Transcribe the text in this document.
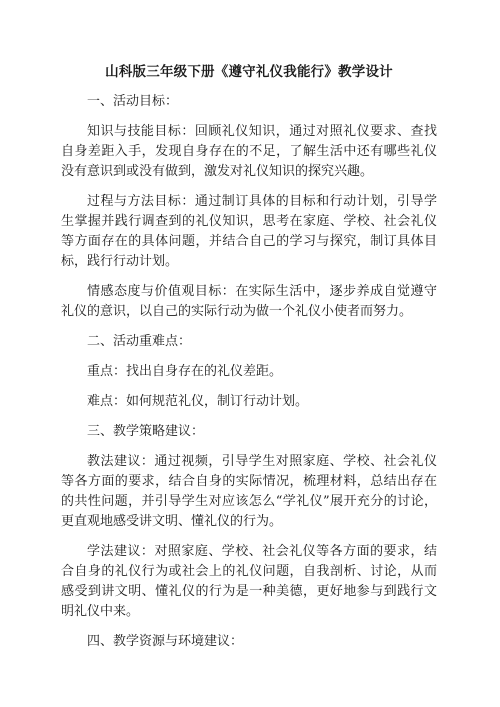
山科版三年级下册《遵守礼仪我能行》教学设计

一、活动目标：

知识与技能目标：回顾礼仪知识，通过对照礼仪要求、查找自身差距入手，发现自身存在的不足，了解生活中还有哪些礼仪没有意识到或没有做到，激发对礼仪知识的探究兴趣。

过程与方法目标：通过制订具体的目标和行动计划，引导学生掌握并践行调查到的礼仪知识，思考在家庭、学校、社会礼仪等方面存在的具体问题，并结合自己的学习与探究，制订具体目标，践行行动计划。

情感态度与价值观目标：在实际生活中，逐步养成自觉遵守礼仪的意识，以自己的实际行动为做一个礼仪小使者而努力。

二、活动重难点：

重点：找出自身存在的礼仪差距。

难点：如何规范礼仪，制订行动计划。

三、教学策略建议：

教法建议：通过视频，引导学生对照家庭、学校、社会礼仪等各方面的要求，结合自身的实际情况，梳理材料，总结出存在的共性问题，并引导学生对应该怎么“学礼仪”展开充分的讨论，更直观地感受讲文明、懂礼仪的行为。

学法建议：对照家庭、学校、社会礼仪等各方面的要求，结合自身的礼仪行为或社会上的礼仪问题，自我剖析、讨论，从而感受到讲文明、懂礼仪的行为是一种美德，更好地参与到践行文明礼仪中来。

四、教学资源与环境建议：
